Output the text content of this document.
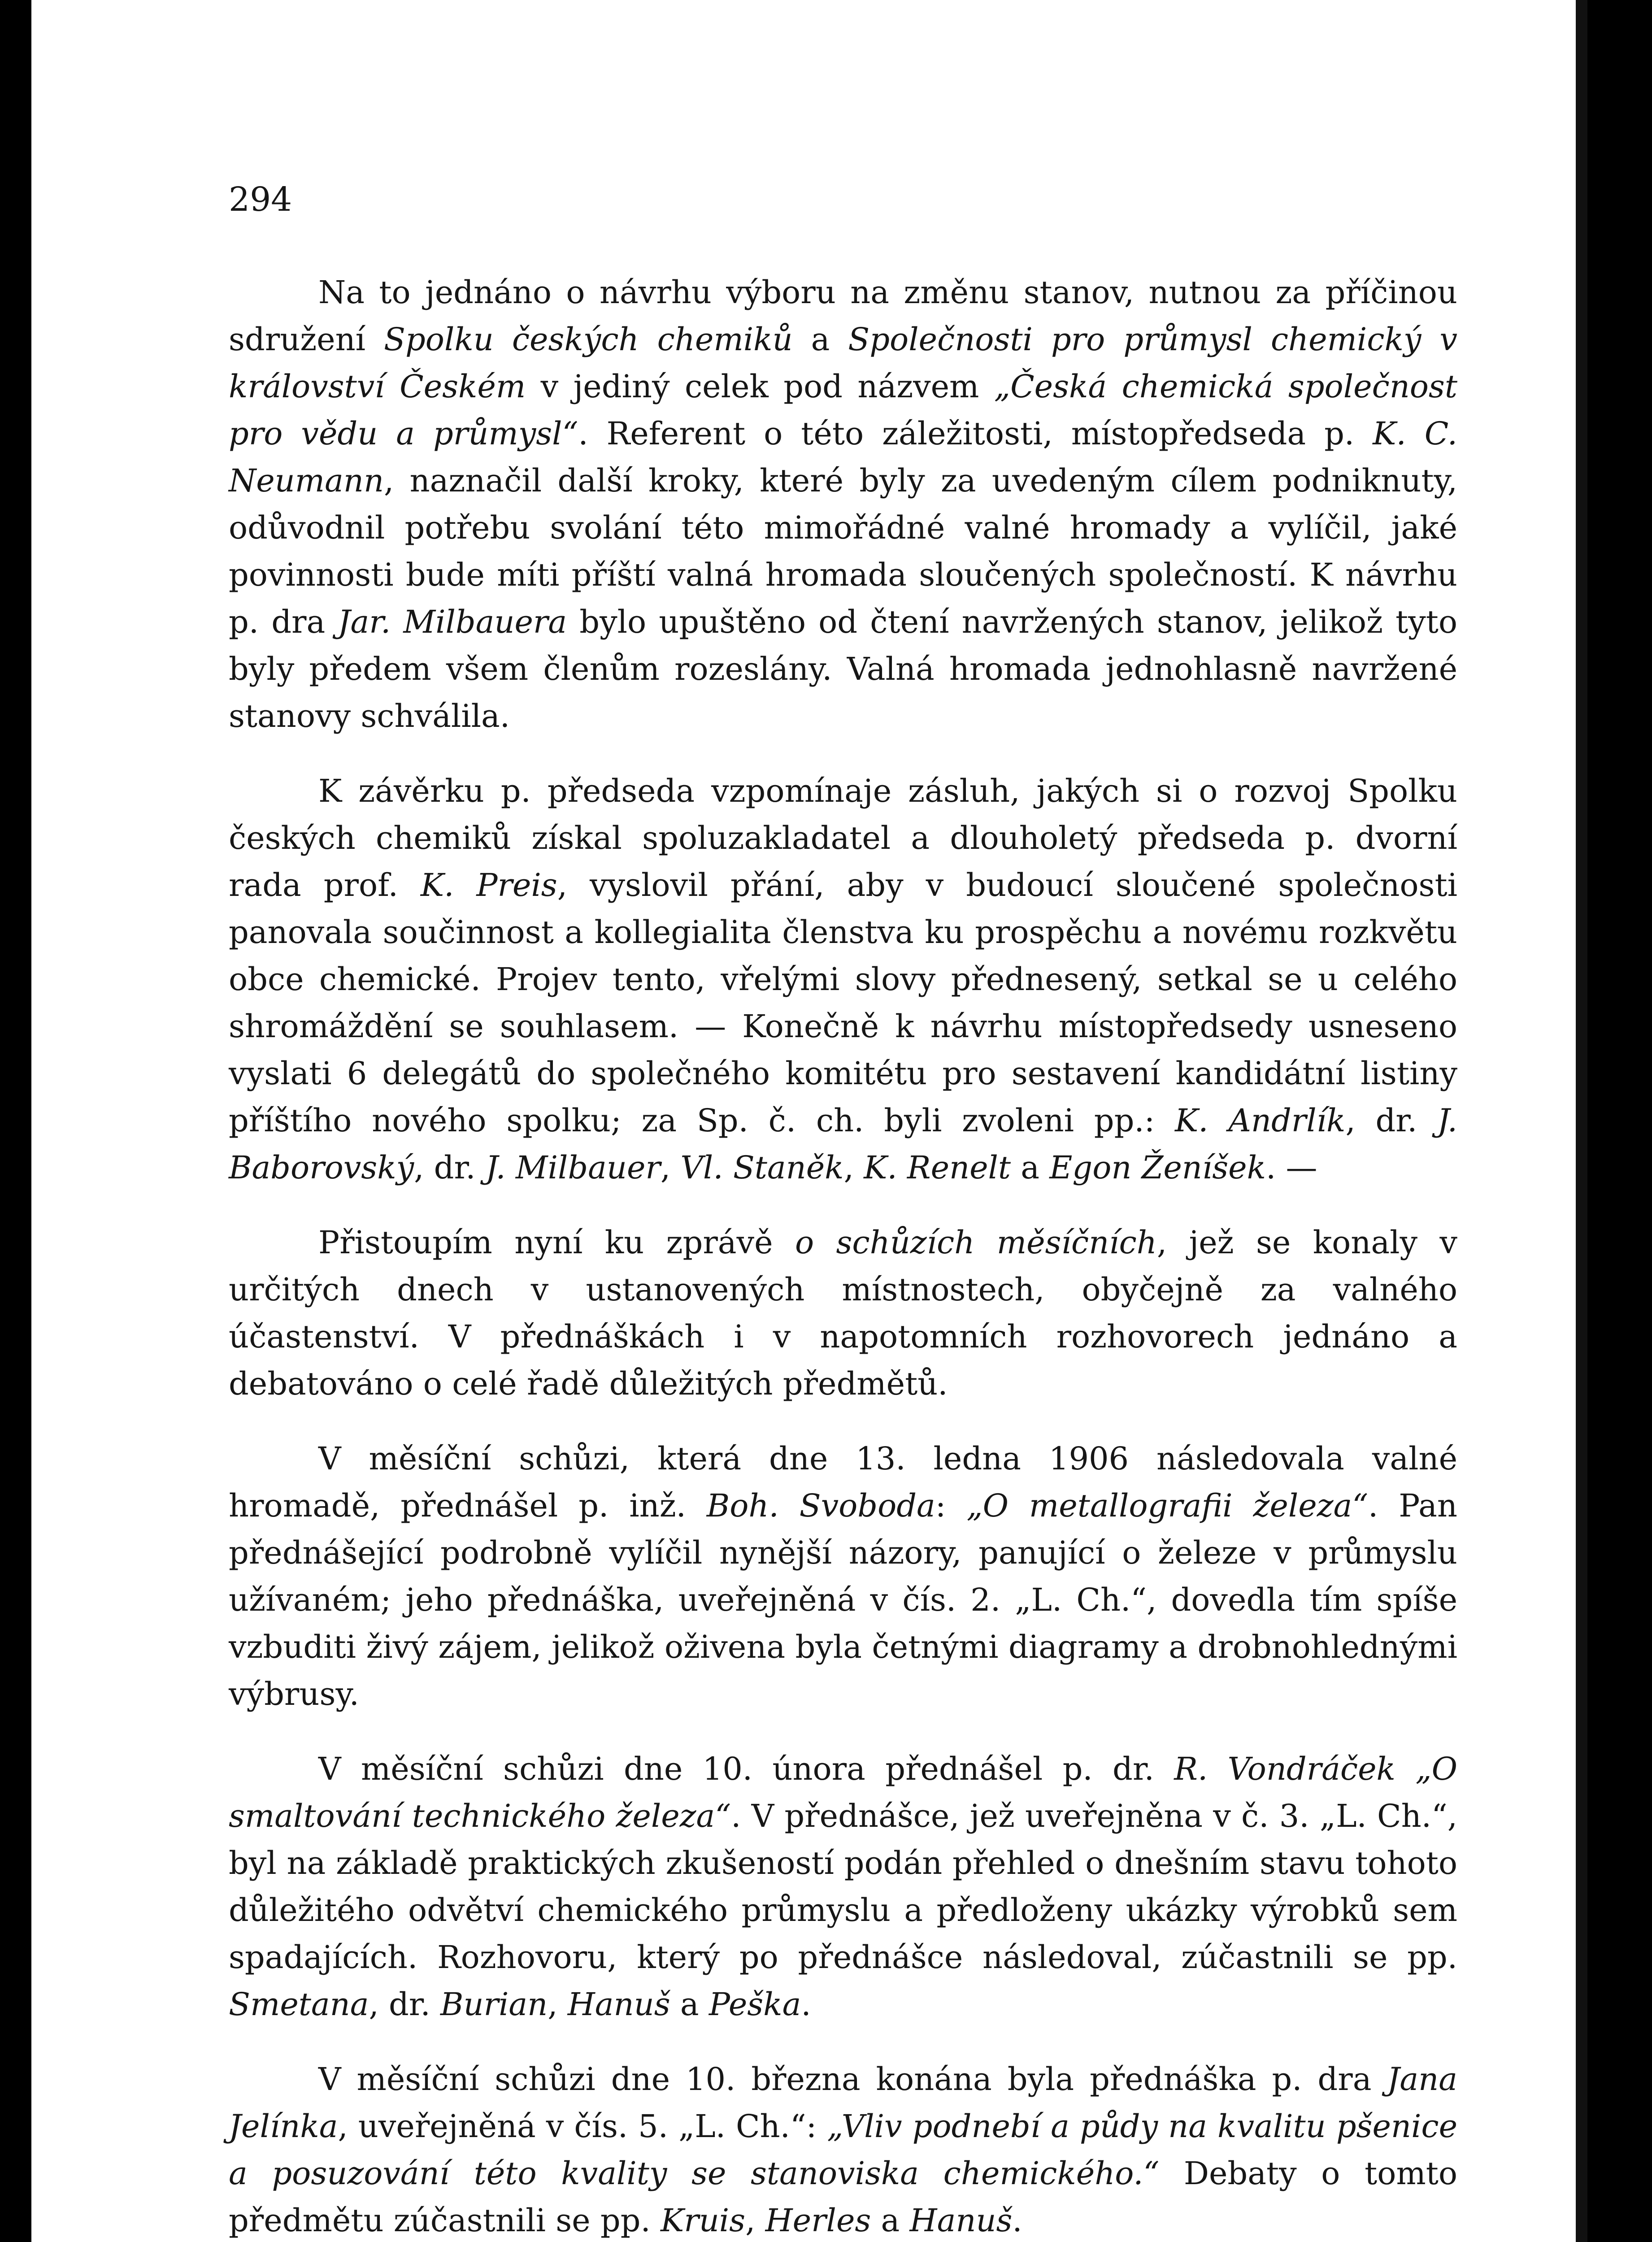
294

Na to jednáno o návrhu výboru na změnu stanov, nutnou za příčinou sdružení Spolku českých chemiků a Společnosti pro průmysl chemický v království Českém v jediný celek pod názvem „Česká chemická společnost pro vědu a průmysl“. Referent o této záležitosti, místopředseda p. K. C. Neumann, naznačil další kroky, které byly za uvedeným cílem podniknuty, odůvodnil potřebu svolání této mimořádné valné hromady a vylíčil, jaké povinnosti bude míti příští valná hromada sloučených společností. K návrhu p. dra Jar. Milbauera bylo upuštěno od čtení navržených stanov, jelikož tyto byly předem všem členům rozeslány. Valná hromada jednohlasně navržené stanovy schválila.

K závěrku p. předseda vzpomínaje zásluh, jakých si o rozvoj Spolku českých chemiků získal spoluzakladatel a dlouholetý předseda p. dvorní rada prof. K. Preis, vyslovil přání, aby v budoucí sloučené společnosti panovala součinnost a kollegialita členstva ku prospěchu a novému rozkvětu obce chemické. Projev tento, vřelými slovy přednesený, setkal se u celého shromáždění se souhlasem. — Konečně k návrhu místopředsedy usneseno vyslati 6 delegátů do společného komitétu pro sestavení kandidátní listiny příštího nového spolku; za Sp. č. ch. byli zvoleni pp.: K. Andrlík, dr. J. Baborovský, dr. J. Milbauer, Vl. Staněk, K. Renelt a Egon Ženíšek. —

Přistoupím nyní ku zprávě o schůzích měsíčních, jež se konaly v určitých dnech v ustanovených místnostech, obyčejně za valného účastenství. V přednáškách i v napotomních rozhovorech jednáno a debatováno o celé řadě důležitých předmětů.

V měsíční schůzi, která dne 13. ledna 1906 následovala valné hromadě, přednášel p. inž. Boh. Svoboda: „O metallografii železa“. Pan přednášející podrobně vylíčil nynější názory, panující o železe v průmyslu užívaném; jeho přednáška, uveřejněná v čís. 2. „L. Ch.“, dovedla tím spíše vzbuditi živý zájem, jelikož oživena byla četnými diagramy a drobnohlednými výbrusy.

V měsíční schůzi dne 10. února přednášel p. dr. R. Vondráček „O smaltování technického železa“. V přednášce, jež uveřejněna v č. 3. „L. Ch.“, byl na základě praktických zkušeností podán přehled o dnešním stavu tohoto důležitého odvětví chemického průmyslu a předloženy ukázky výrobků sem spadajících. Rozhovoru, který po přednášce následoval, zúčastnili se pp. Smetana, dr. Burian, Hanuš a Peška.

V měsíční schůzi dne 10. března konána byla přednáška p. dra Jana Jelínka, uveřejněná v čís. 5. „L. Ch.“: „Vliv podnebí a půdy na kvalitu pšenice a posuzování této kvality se stanoviska chemického.“ Debaty o tomto předmětu zúčastnili se pp. Kruis, Herles a Hanuš.
